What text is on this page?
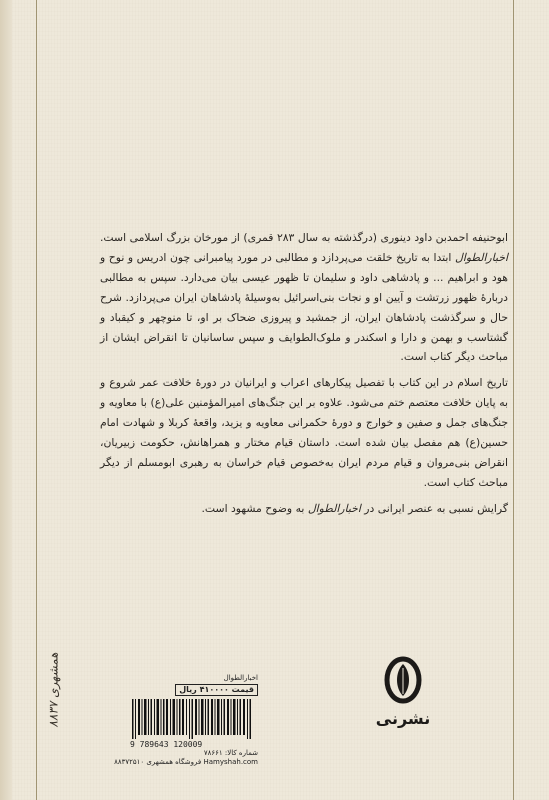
ابوحنیفه احمدبن داود دینوری (درگذشته به سال ۲۸۳ قمری) از مورخان بزرگ اسلامی است. اخبارالطوال ابتدا به تاریخ خلقت می‌پردازد و مطالبی در مورد پیامبرانی چون ادریس و نوح و هود و ابراهیم ... و پادشاهی داود و سلیمان تا ظهور عیسی بیان می‌دارد. سپس به مطالبی دربارهٔ ظهور زرتشت و آیین او و نجات بنی‌اسرائیل به‌وسیلهٔ پادشاهان ایران می‌پردازد. شرح حال و سرگذشت پادشاهان ایران، از جمشید و پیروزی ضحاک بر او، تا منوچهر و کیقباد و گشتاسب و بهمن و دارا و اسکندر و ملوک‌الطوایف و سپس ساسانیان تا انقراض ایشان از مباحث دیگر کتاب است.

تاریخ اسلام در این کتاب با تفصیل پیکارهای اعراب و ایرانیان در دورهٔ خلافت عمر شروع و به پایان خلافت معتصم ختم می‌شود. علاوه بر این جنگ‌های امیرالمؤمنین علی(ع) با معاویه و جنگ‌های جمل و صفین و خوارج و دورهٔ حکمرانی معاویه و یزید، واقعهٔ کربلا و شهادت امام حسین(ع) هم مفصل بیان شده است. داستان قیام مختار و همراهانش، حکومت زبیریان، انقراض بنی‌مروان و قیام مردم ایران به‌خصوص قیام خراسان به رهبری ابومسلم از دیگر مباحث کتاب است.

گرایش نسبی به عنصر ایرانی در اخبارالطوال به وضوح مشهود است.

۸۸۳۷ همشهری	اخبارالطوال
قیمت ۴۱۰۰۰۰ ریال
9 789643 120009
شماره کالا: ۷۸۶۶۱
Hamyshah.com فروشگاه همشهری ۸۸۳۷۲۵۱۰
نشرنی
